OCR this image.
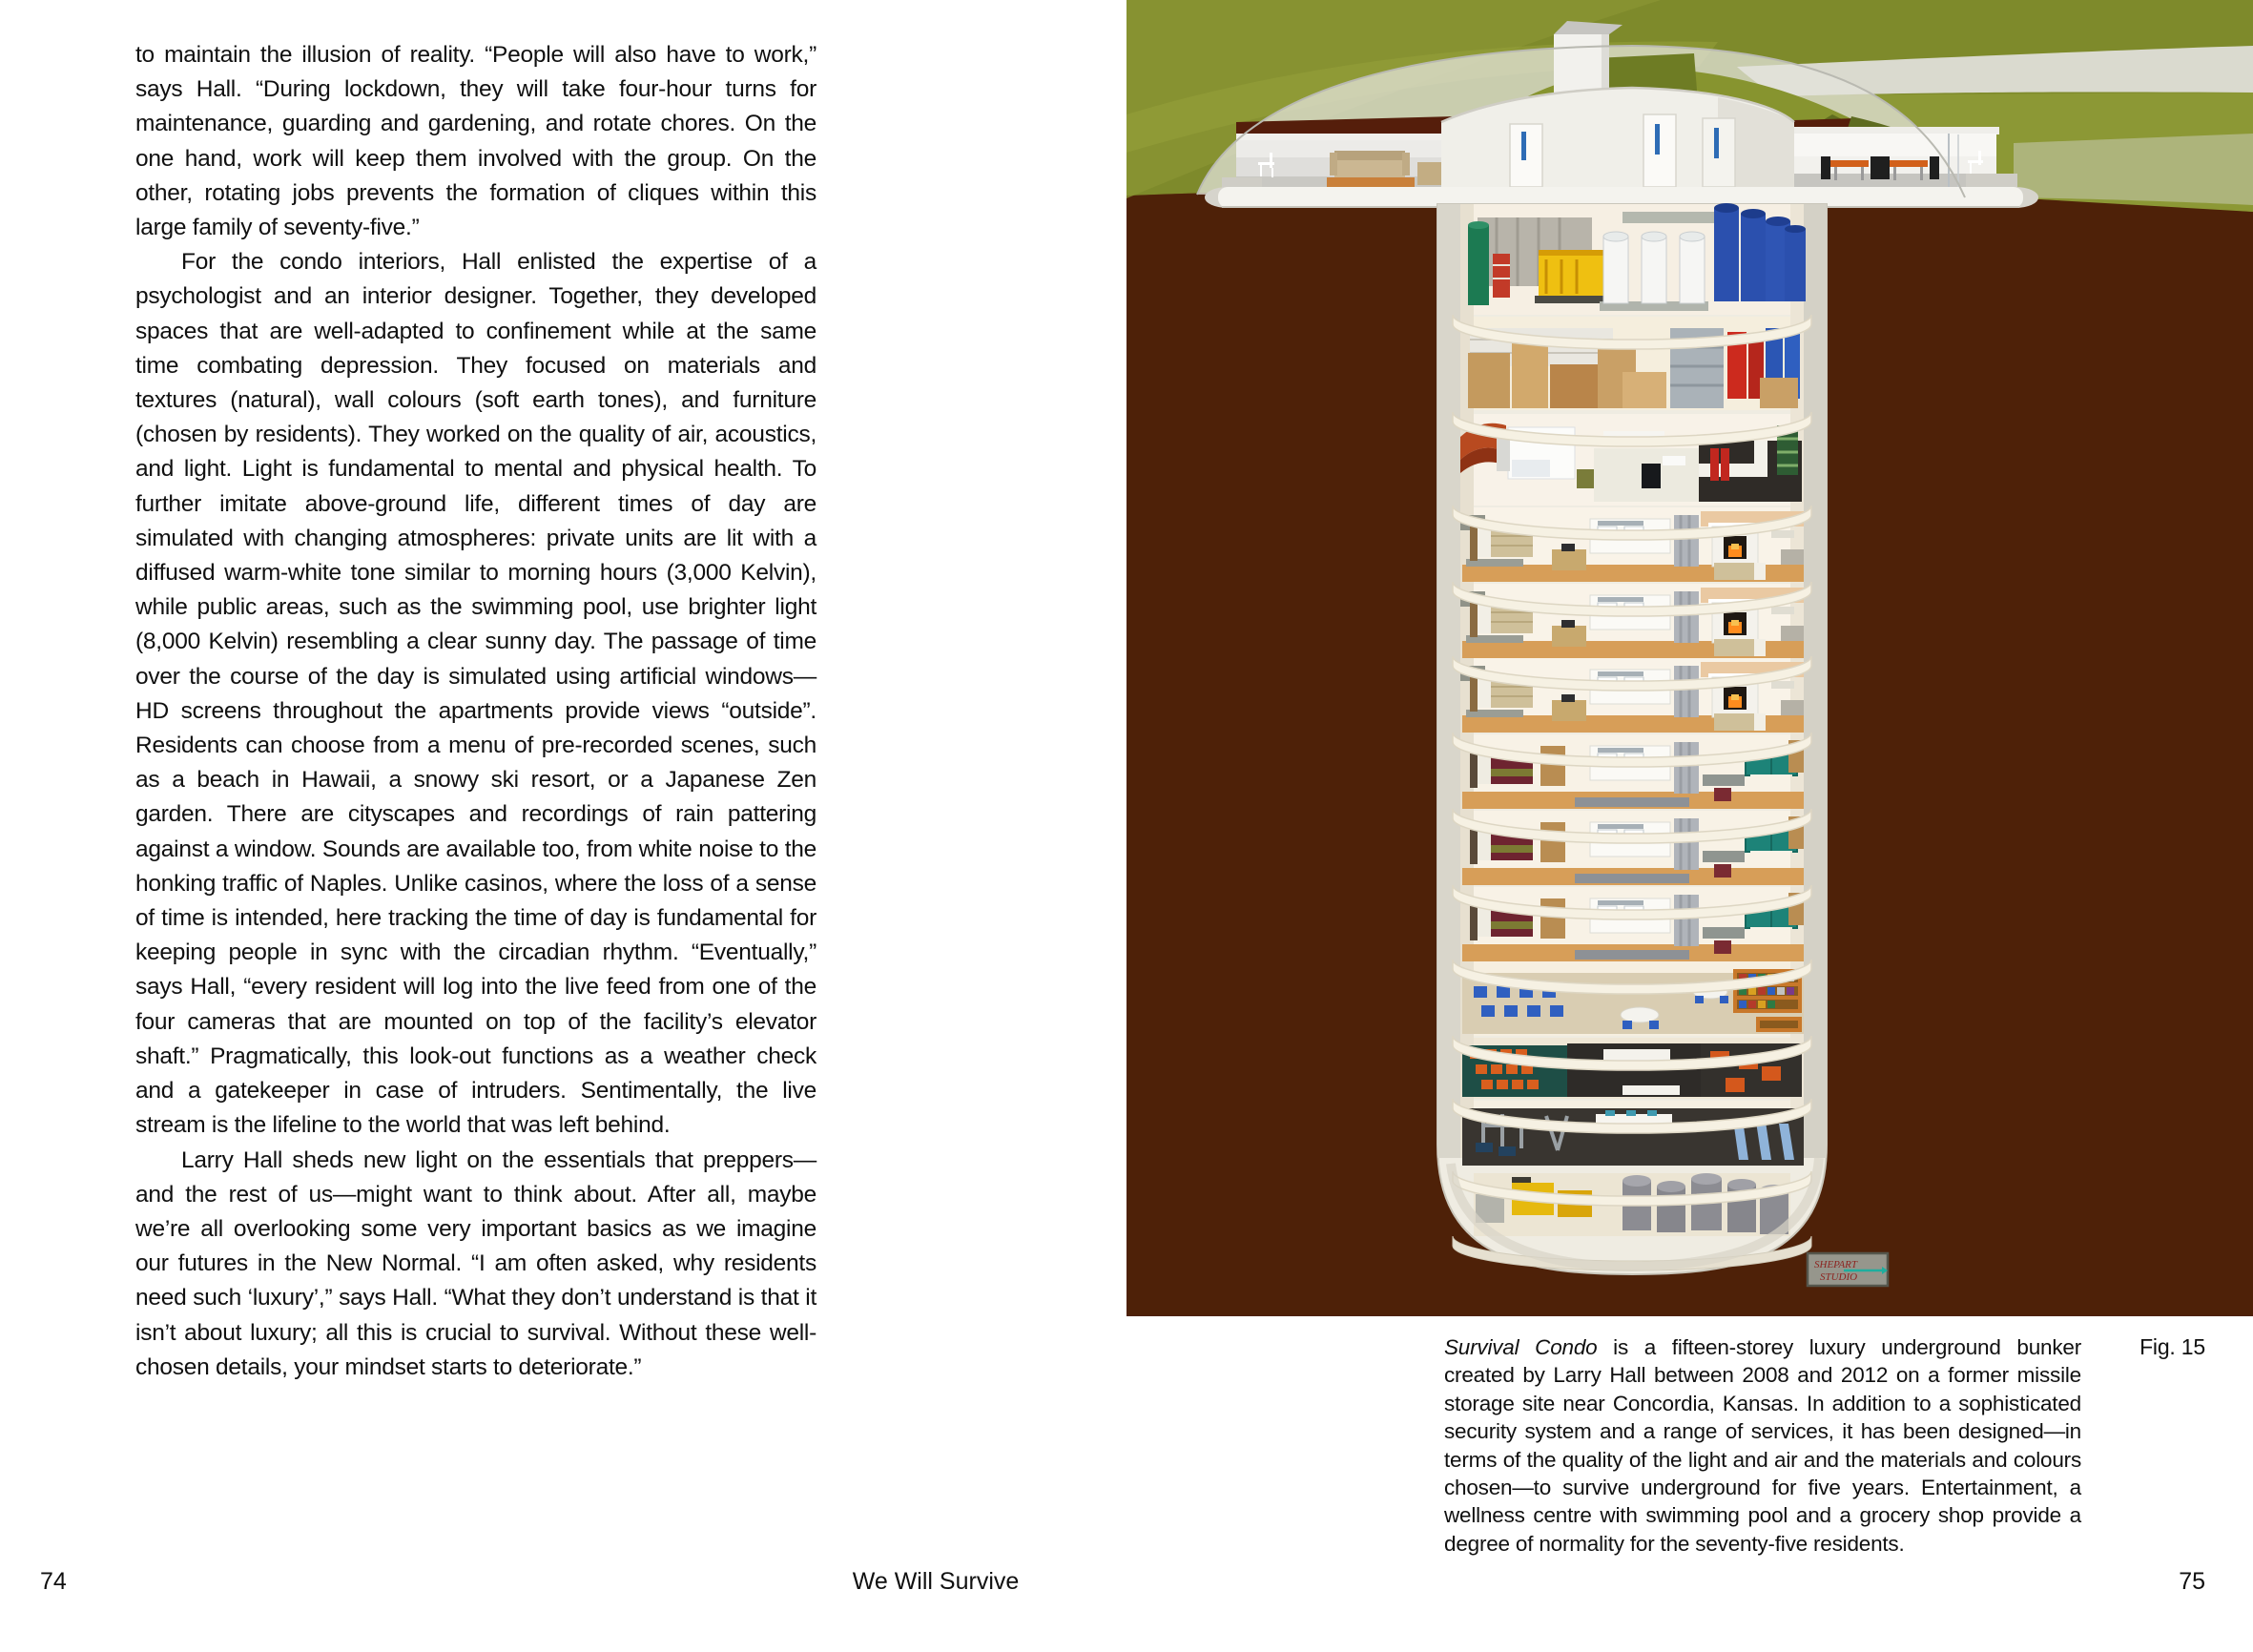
to maintain the illusion of reality. “People will also have to work,” says Hall. “During lockdown, they will take four-hour turns for maintenance, guarding and gardening, and rotate chores. On the one hand, work will keep them involved with the group. On the other, rotating jobs prevents the formation of cliques within this large family of seventy-five.”

For the condo interiors, Hall enlisted the expertise of a psychologist and an interior designer. Together, they developed spaces that are well-adapted to confinement while at the same time combating depression. They focused on materials and textures (natural), wall colours (soft earth tones), and furniture (chosen by residents). They worked on the quality of air, acoustics, and light. Light is fundamental to mental and physical health. To further imitate above-ground life, different times of day are simulated with changing atmospheres: private units are lit with a diffused warm-white tone similar to morning hours (3,000 Kelvin), while public areas, such as the swimming pool, use brighter light (8,000 Kelvin) resembling a clear sunny day. The passage of time over the course of the day is simulated using artificial windows—HD screens throughout the apartments provide views “outside”. Residents can choose from a menu of pre-recorded scenes, such as a beach in Hawaii, a snowy ski resort, or a Japanese Zen garden. There are cityscapes and recordings of rain pattering against a window. Sounds are available too, from white noise to the honking traffic of Naples. Unlike casinos, where the loss of a sense of time is intended, here tracking the time of day is fundamental for keeping people in sync with the circadian rhythm. “Eventually,” says Hall, “every resident will log into the live feed from one of the four cameras that are mounted on top of the facility’s elevator shaft.” Pragmatically, this look-out functions as a weather check and a gatekeeper in case of intruders. Sentimentally, the live stream is the lifeline to the world that was left behind.

Larry Hall sheds new light on the essentials that preppers—and the rest of us—might want to think about. After all, maybe we’re all overlooking some very important basics as we imagine our futures in the New Normal. “I am often asked, why residents need such ‘luxury’,” says Hall. “What they don’t understand is that it isn’t about luxury; all this is crucial to survival. Without these well-chosen details, your mindset starts to deteriorate.”

SHEPART
STUDIO
Survival Condo is a fifteen-storey luxury underground bunker created by Larry Hall between 2008 and 2012 on a former missile storage site near Concordia, Kansas. In addition to a sophisticated security system and a range of services, it has been designed—in terms of the quality of the light and air and the materials and colours chosen—to survive underground for five years. Entertainment, a wellness centre with swimming pool and a grocery shop provide a degree of normality for the seventy-five residents.
Fig. 15
74	We Will Survive	75
